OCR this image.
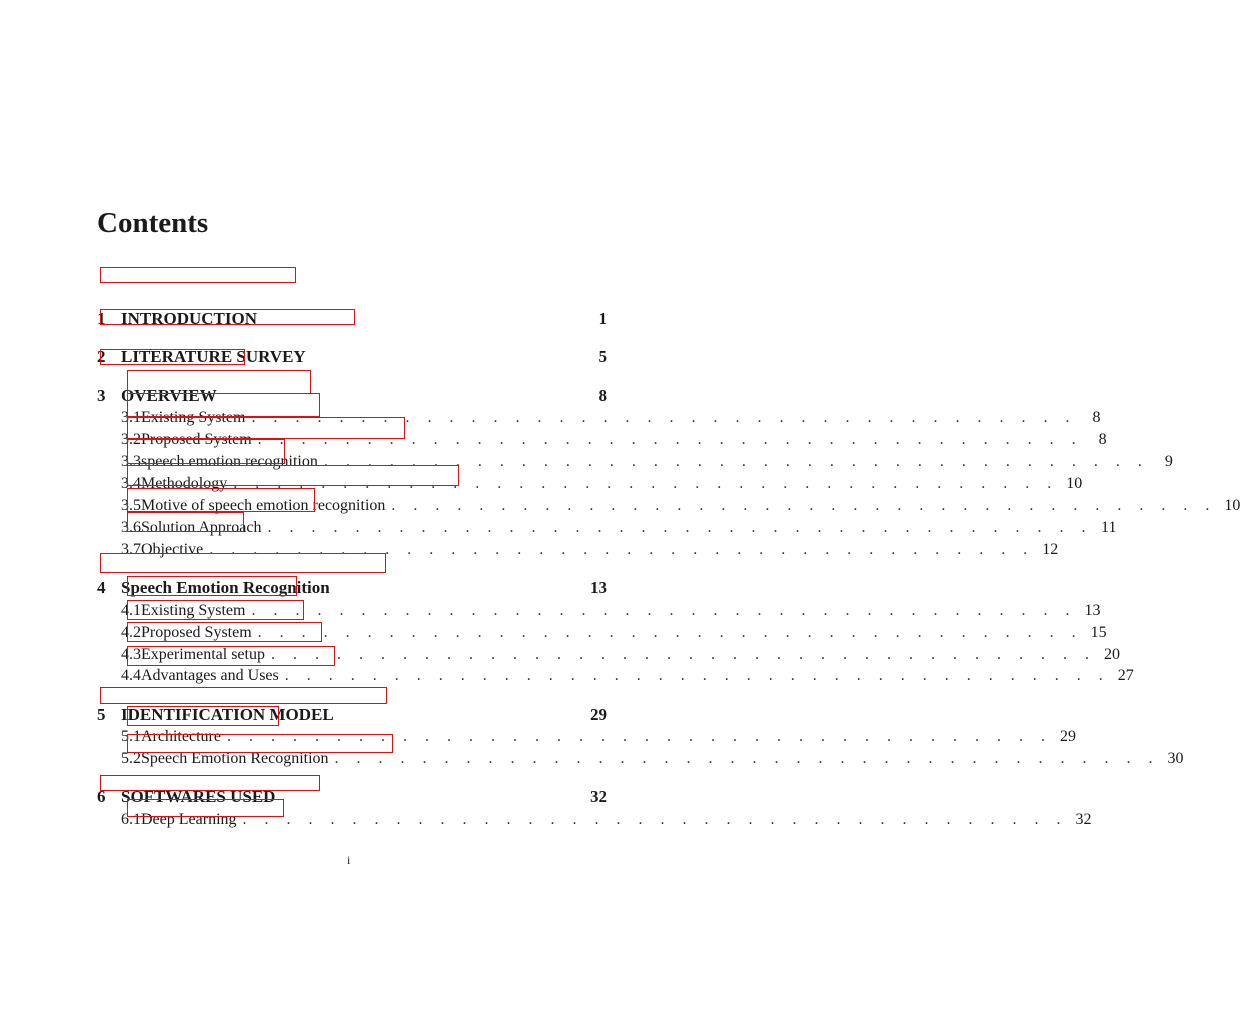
Contents
1 INTRODUCTION	1
2 LITERATURE SURVEY	5
3 OVERVIEW	8
3.1 Existing System . . . . . . . . . . . . . . . . . . . . . . . . . . . . . . . . . . . . . .	8
3.2 Proposed System . . . . . . . . . . . . . . . . . . . . . . . . . . . . . . . . . . . . . .	8
3.3 speech emotion recognition . . . . . . . . . . . . . . . . . . . . . . . . . . . . . . . . . . . . . .	9
3.4 Methodology . . . . . . . . . . . . . . . . . . . . . . . . . . . . . . . . . . . . . . 10
3.5 Motive of speech emotion recognition . . . . . . . . . . . . . . . . . . . . . . . . . . . . . . . . . . . . . . 10
3.6 Solution Approach . . . . . . . . . . . . . . . . . . . . . . . . . . . . . . . . . . . . . . 11
3.7 Objective . . . . . . . . . . . . . . . . . . . . . . . . . . . . . . . . . . . . . . 12
4 Speech Emotion Recognition	13
4.1 Existing System . . . . . . . . . . . . . . . . . . . . . . . . . . . . . . . . . . . . . . 13
4.2 Proposed System . . . . . . . . . . . . . . . . . . . . . . . . . . . . . . . . . . . . . . 15
4.3 Experimental setup . . . . . . . . . . . . . . . . . . . . . . . . . . . . . . . . . . . . . . 20
4.4 Advantages and Uses . . . . . . . . . . . . . . . . . . . . . . . . . . . . . . . . . . . . . . 27
5 IDENTIFICATION MODEL	29
5.1 Architecture . . . . . . . . . . . . . . . . . . . . . . . . . . . . . . . . . . . . . . 29
5.2 Speech Emotion Recognition . . . . . . . . . . . . . . . . . . . . . . . . . . . . . . . . . . . . . . 30
6 SOFTWARES USED	32
6.1 Deep Learning . . . . . . . . . . . . . . . . . . . . . . . . . . . . . . . . . . . . . . 32
i
